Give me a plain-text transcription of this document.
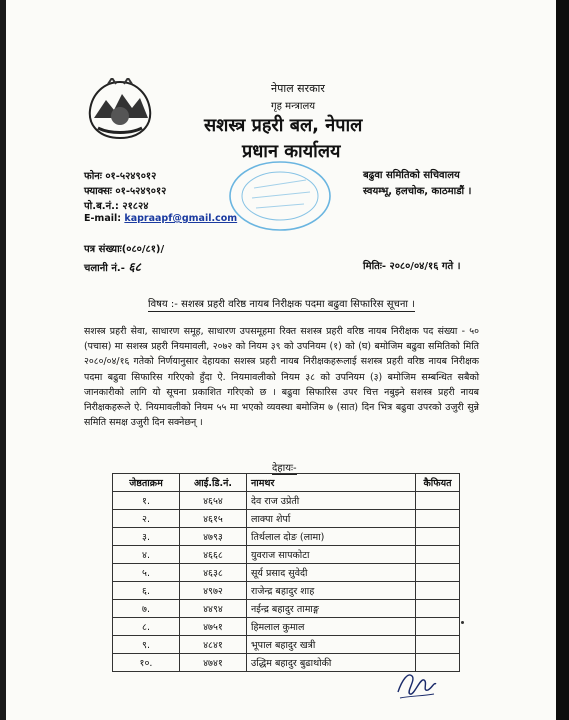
नेपाल सरकार
गृह मन्त्रालय
सशस्त्र प्रहरी बल, नेपाल
प्रधान कार्यालय
फोनः ०१-५२४९०१२
फ्याक्सः ०१-५२४९०१२
पो.ब.नं.: २१८२४
E-mail: kapraapf@gmail.com
बढुवा समितिको सचिवालय
स्वयम्भू, हलचोक, काठमाडौं ।
पत्र संख्याः(०८०/८१)/
चलानी नं.- ६८	मितिः- २०८०/०४/१६ गते ।
विषय :- सशस्त्र प्रहरी वरिष्ठ नायब निरीक्षक पदमा बढुवा सिफारिस सूचना ।
सशस्त्र प्रहरी सेवा, साधारण समूह, साधारण उपसमूहमा रिक्त सशस्त्र प्रहरी वरिष्ठ नायब निरीक्षक पद संख्या - ५० (पचास) मा सशस्त्र प्रहरी नियमावली, २०७२ को नियम ३९ को उपनियम (१) को (घ) बमोजिम बढुवा समितिको मिति २०८०/०४/१६ गतेको निर्णयानुसार देहायका सशस्त्र प्रहरी नायब निरीक्षकहरूलाई सशस्त्र प्रहरी वरिष्ठ नायब निरीक्षक पदमा बढुवा सिफारिस गरिएको हुँदा ऐ. नियमावलीको नियम ३८ को उपनियम (३) बमोजिम सम्बन्धित सबैको जानकारीको लागि यो सूचना प्रकाशित गरिएको छ । बढुवा सिफारिस उपर चित्त नबुझ्ने सशस्त्र प्रहरी नायब निरीक्षकहरूले ऐ. नियमावलीको नियम ५५ मा भएको व्यवस्था बमोजिम ७ (सात) दिन भित्र बढुवा उपरको उजुरी सुन्ने समिति समक्ष उजुरी दिन सक्नेछन् ।
देहायः-
जेष्ठताक्रम	आई.डि.नं.	नामथर	कैफियत
१.	४६५४	देव राज उप्रेती	
२.	४६१५	लाक्पा शेर्पा	
३.	४७९३	तिर्थलाल दोङ (लामा)	
४.	४६६८	युवराज सापकोटा	
५.	४६३८	सूर्य प्रसाद सुवेदी	
६.	४९७२	राजेन्द्र बहादुर शाह	
७.	४४९४	नईन्द्र बहादुर तामाङ्ग	
८.	४७५१	हिमलाल कुमाल	
९.	४८४१	भूपाल बहादुर खत्री	
१०.	४७४१	उद्धिम बहादुर बुढाथोकी	
